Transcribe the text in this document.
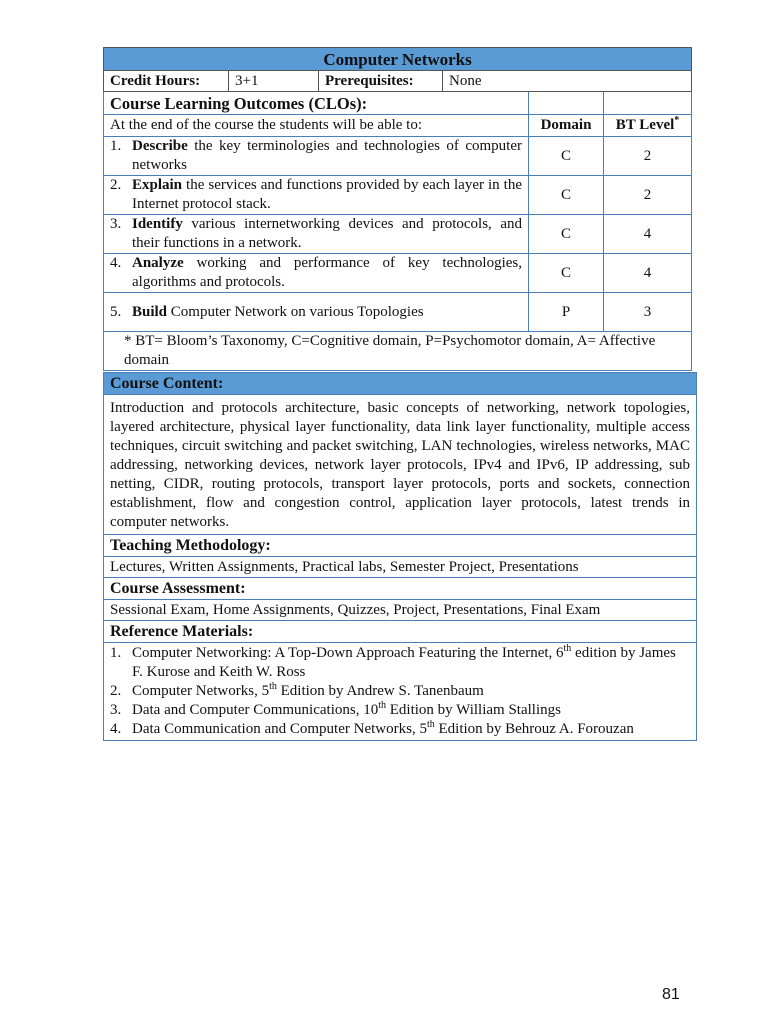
Computer Networks					
Credit Hours:	3+1	Prerequisites:	None		
Course Learning Outcomes (CLOs):					
At the end of the course the students will be able to:				Domain	BT Level*

1. Describe the key terminologies and technologies of computer networks				C	2

2. Explain the services and functions provided by each layer in the Internet protocol stack.				C	2

3. Identify various internetworking devices and protocols, and their functions in a network.				C	4

4. Analyze working and performance of key technologies, algorithms and protocols.				C	4

5. Build Computer Network on various Topologies				P	3
* BT= Bloom’s Taxonomy, C=Cognitive domain, P=Psychomotor domain, A= Affective domain					
Course Content:
Introduction and protocols architecture, basic concepts of networking, network topologies, layered architecture, physical layer functionality, data link layer functionality, multiple access techniques, circuit switching and packet switching, LAN technologies, wireless networks, MAC addressing, networking devices, network layer protocols, IPv4 and IPv6, IP addressing, sub netting, CIDR, routing protocols, transport layer protocols, ports and sockets, connection establishment, flow and congestion control, application layer protocols, latest trends in computer networks.
Teaching Methodology:
Lectures, Written Assignments, Practical labs, Semester Project, Presentations
Course Assessment:
Sessional Exam, Home Assignments, Quizzes, Project, Presentations, Final Exam
Reference Materials:

1. Computer Networking: A Top-Down Approach Featuring the Internet, 6th edition by James F. Kurose and Keith W. Ross
2. Computer Networks, 5th Edition by Andrew S. Tanenbaum
3. Data and Computer Communications, 10th Edition by William Stallings
4. Data Communication and Computer Networks, 5th Edition by Behrouz A. Forouzan
81
